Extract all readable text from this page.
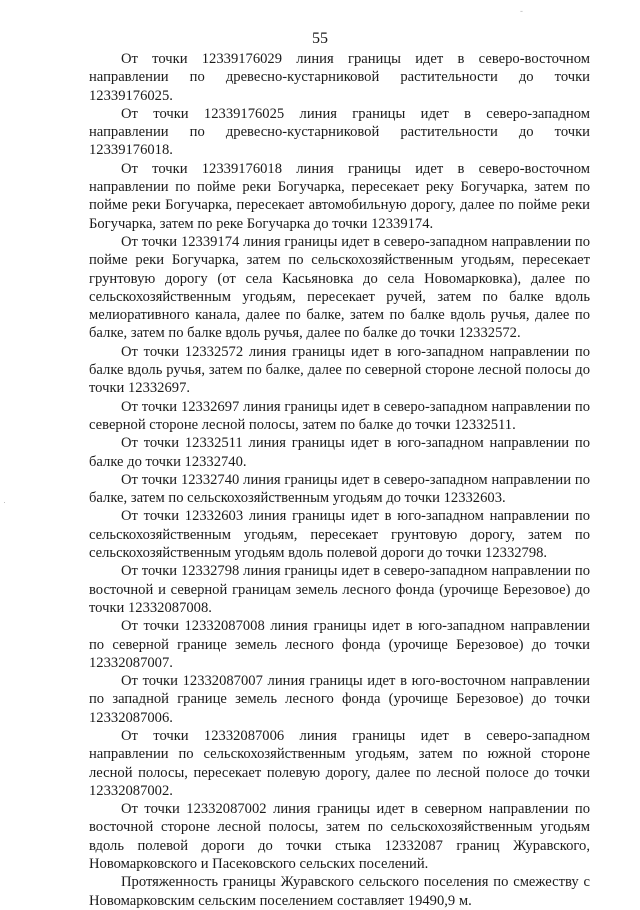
‐
·
55

От точки 12339176029 линия границы идет в северо-восточном направлении по древесно-кустарниковой растительности до точки 12339176025.

От точки 12339176025 линия границы идет в северо-западном направлении по древесно-кустарниковой растительности до точки 12339176018.

От точки 12339176018 линия границы идет в северо-восточном направлении по пойме реки Богучарка, пересекает реку Богучарка, затем по пойме реки Богучарка, пересекает автомобильную дорогу, далее по пойме реки Богучарка, затем по реке Богучарка до точки 12339174.

От точки 12339174 линия границы идет в северо-западном направлении по пойме реки Богучарка, затем по сельскохозяйственным угодьям, пересекает грунтовую дорогу (от села Касьяновка до села Новомарковка), далее по сельскохозяйственным угодьям, пересекает ручей, затем по балке вдоль мелиоративного канала, далее по балке, затем по балке вдоль ручья, далее по балке, затем по балке вдоль ручья, далее по балке до точки 12332572.

От точки 12332572 линия границы идет в юго-западном направлении по балке вдоль ручья, затем по балке, далее по северной стороне лесной полосы до точки 12332697.

От точки 12332697 линия границы идет в северо-западном направлении по северной стороне лесной полосы, затем по балке до точки 12332511.

От точки 12332511 линия границы идет в юго-западном направлении по балке до точки 12332740.

От точки 12332740 линия границы идет в северо-западном направлении по балке, затем по сельскохозяйственным угодьям до точки 12332603.

От точки 12332603 линия границы идет в юго-западном направлении по сельскохозяйственным угодьям, пересекает грунтовую дорогу, затем по сельскохозяйственным угодьям вдоль полевой дороги до точки 12332798.

От точки 12332798 линия границы идет в северо-западном направлении по восточной и северной границам земель лесного фонда (урочище Березовое) до точки 12332087008.

От точки 12332087008 линия границы идет в юго-западном направлении по северной границе земель лесного фонда (урочище Березовое) до точки 12332087007.

От точки 12332087007 линия границы идет в юго-восточном направлении по западной границе земель лесного фонда (урочище Березовое) до точки 12332087006.

От точки 12332087006 линия границы идет в северо-западном направлении по сельскохозяйственным угодьям, затем по южной стороне лесной полосы, пересекает полевую дорогу, далее по лесной полосе до точки 12332087002.

От точки 12332087002 линия границы идет в северном направлении по восточной стороне лесной полосы, затем по сельскохозяйственным угодьям вдоль полевой дороги до точки стыка 12332087 границ Журавского, Новомарковского и Пасековского сельских поселений.

Протяженность границы Журавского сельского поселения по смежеству с Новомарковским сельским поселением составляет 19490,9 м.
